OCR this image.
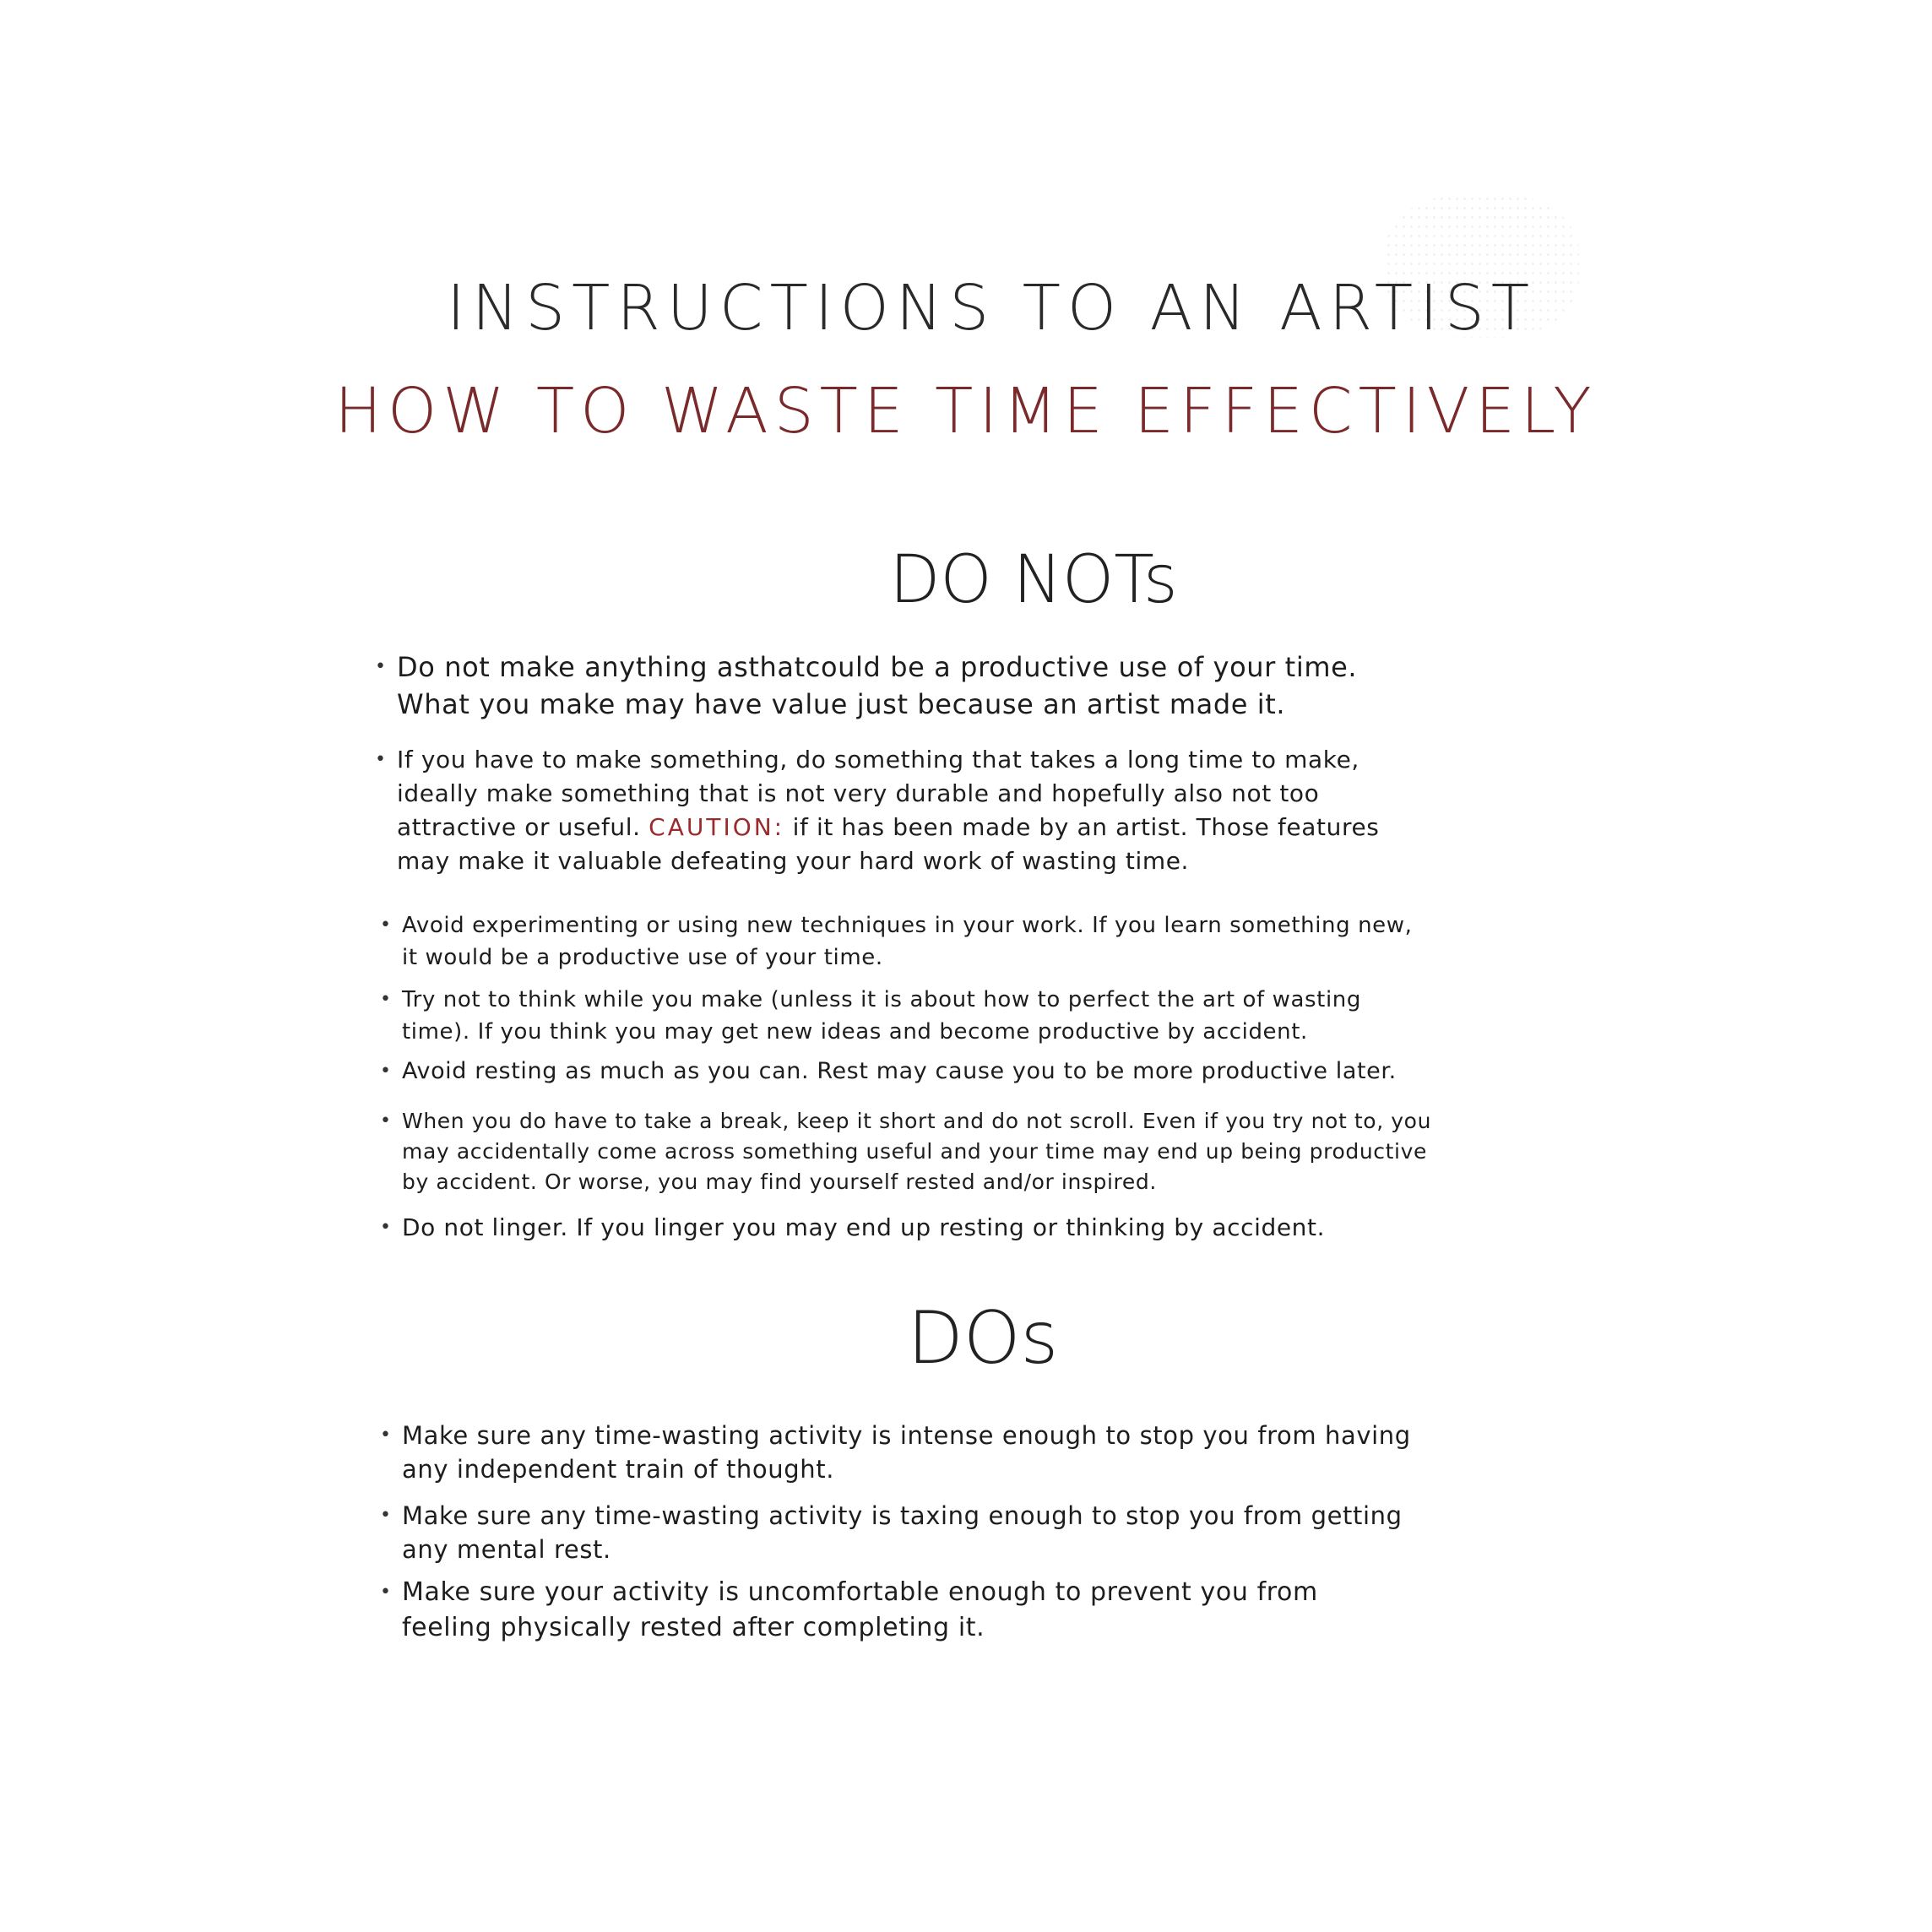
INSTRUCTIONS TO AN ARTIST
HOW TO WASTE TIME EFFECTIVELY
DO NOTs
• Do not make anything asthatcould be a productive use of your time. What you make may have value just because an artist made it.
• If you have to make something, do something that takes a long time to make, ideally make something that is not very durable and hopefully also not too attractive or useful. CAUTION: if it has been made by an artist. Those features may make it valuable defeating your hard work of wasting time.
• Avoid experimenting or using new techniques in your work. If you learn something new, it would be a productive use of your time.
• Try not to think while you make (unless it is about how to perfect the art of wasting time). If you think you may get new ideas and become productive by accident.
• Avoid resting as much as you can. Rest may cause you to be more productive later.
• When you do have to take a break, keep it short and do not scroll. Even if you try not to, you may accidentally come across something useful and your time may end up being productive by accident. Or worse, you may find yourself rested and/or inspired.
• Do not linger. If you linger you may end up resting or thinking by accident.
DOs
• Make sure any time-wasting activity is intense enough to stop you from having any independent train of thought.
• Make sure any time-wasting activity is taxing enough to stop you from getting any mental rest.
• Make sure your activity is uncomfortable enough to prevent you from feeling physically rested after completing it.
